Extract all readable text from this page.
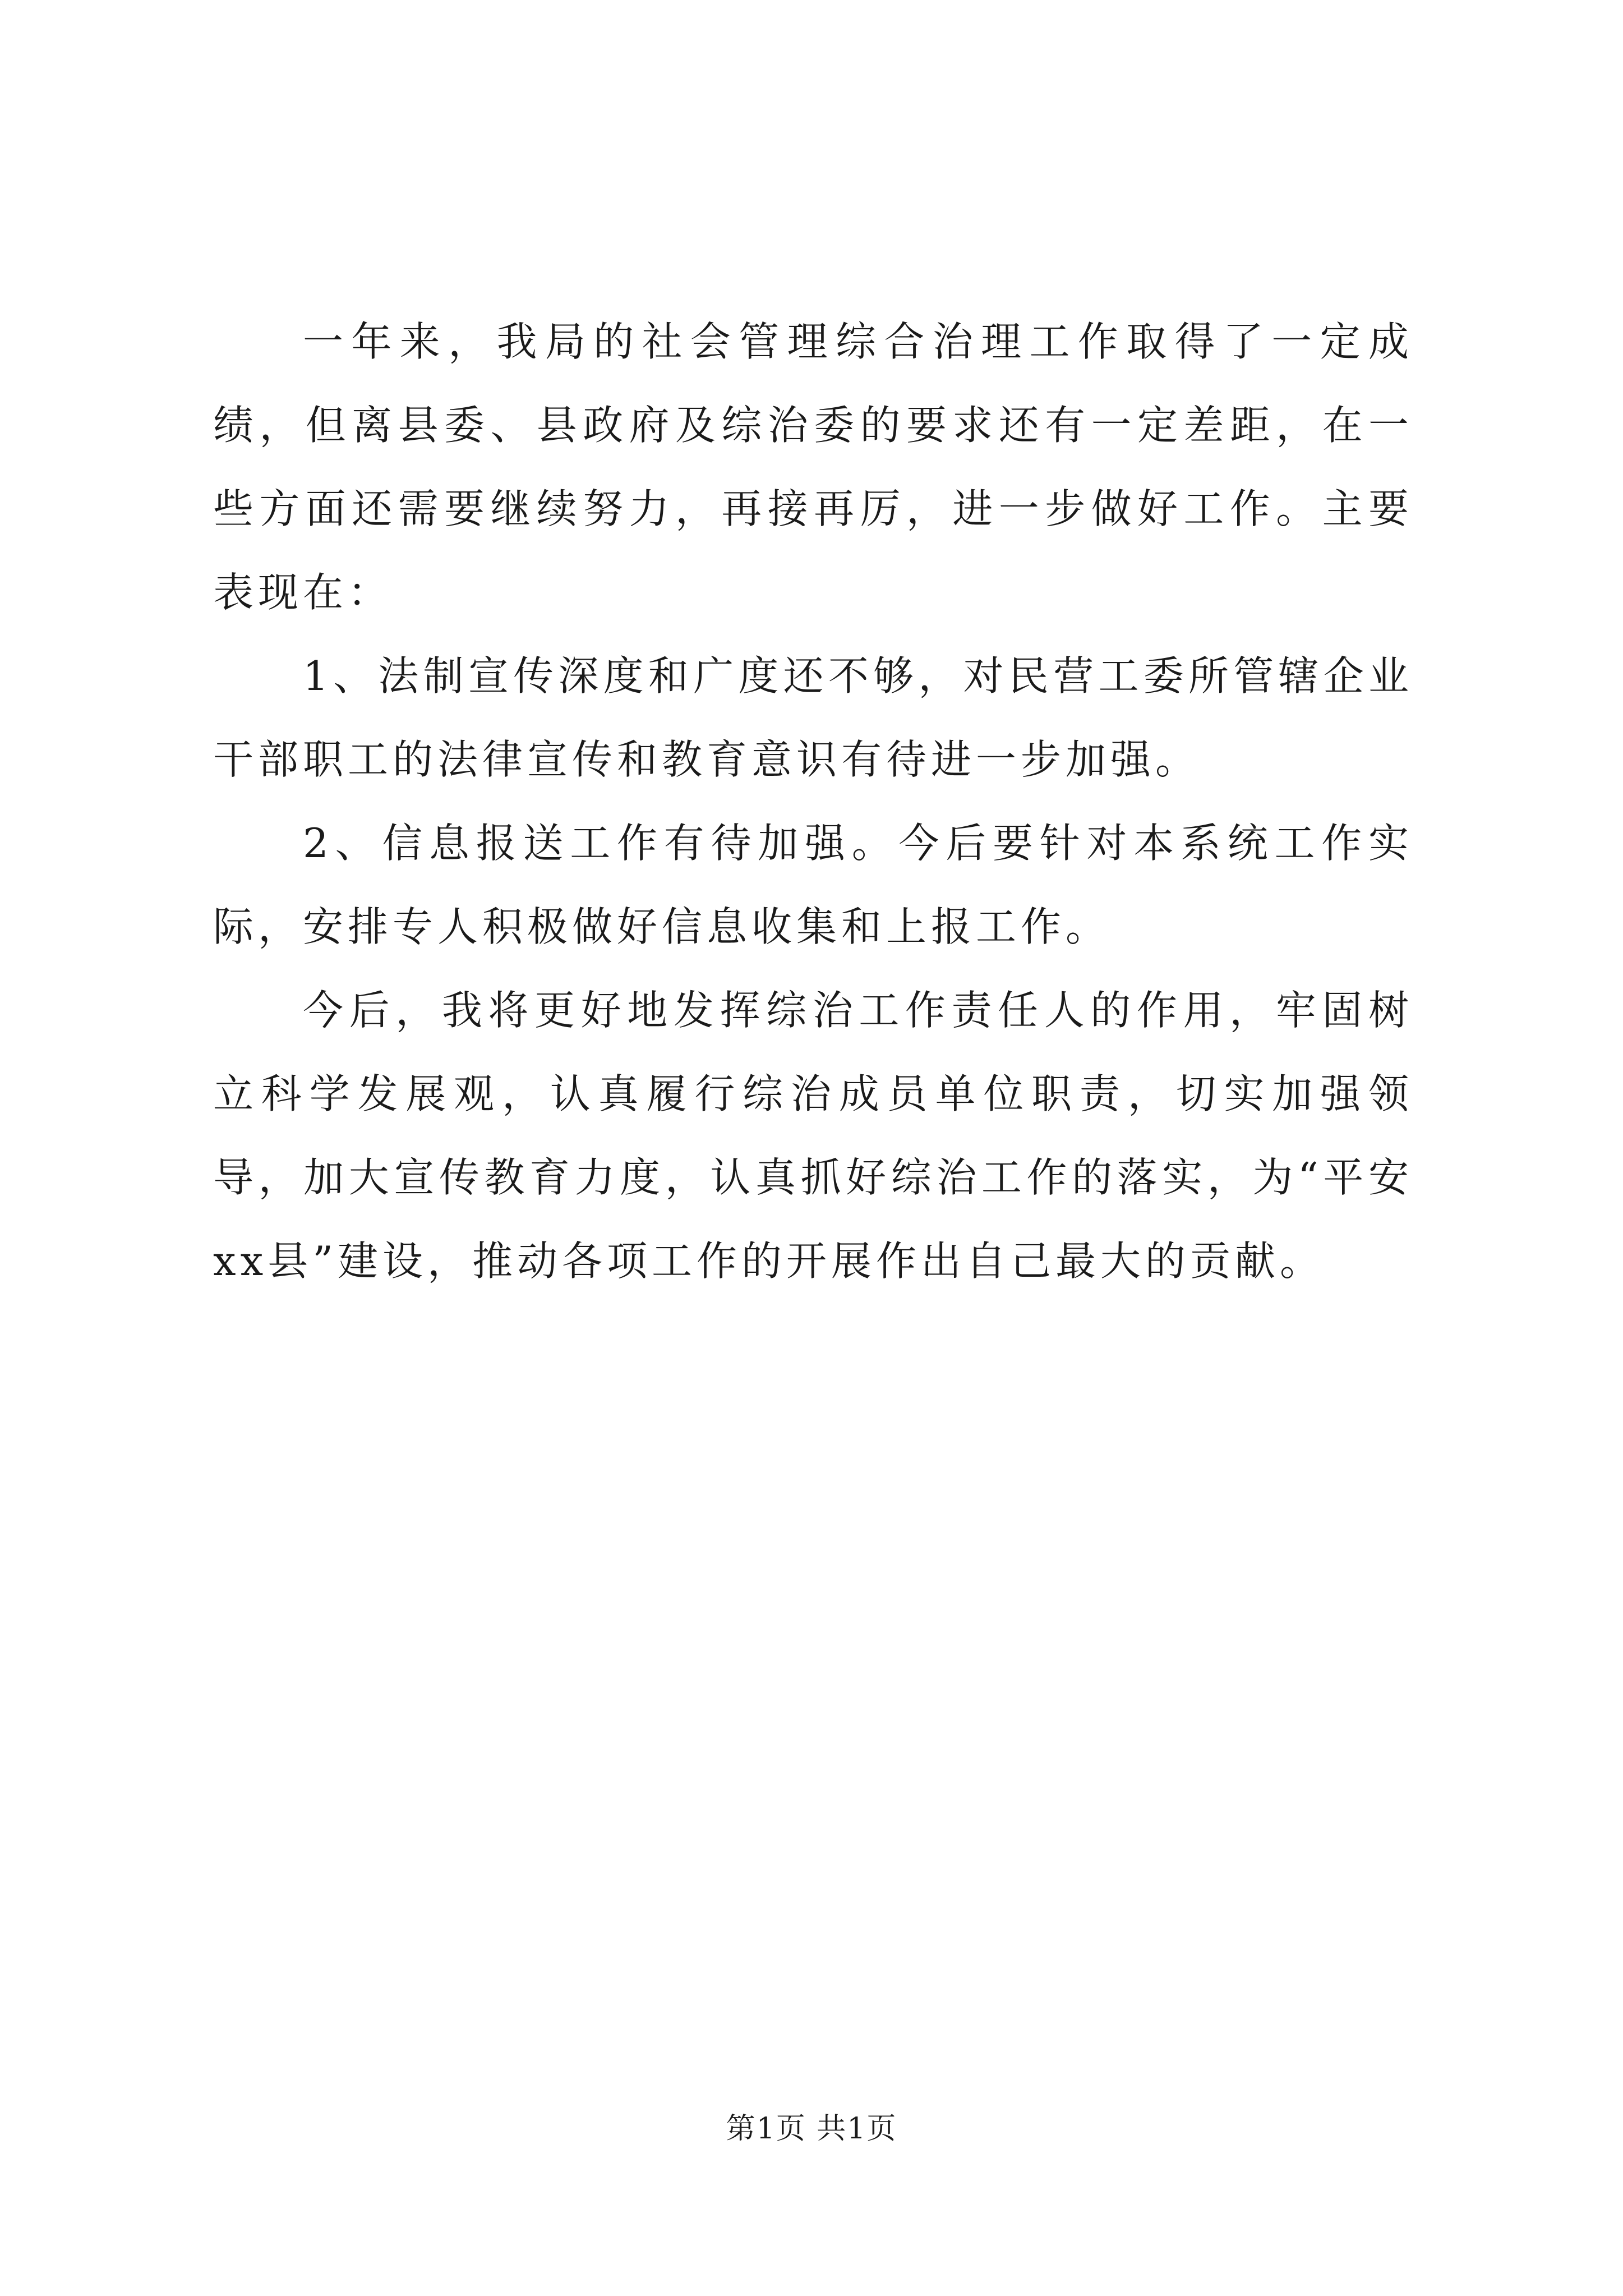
一年来，我局的社会管理综合治理工作取得了一定成绩，但离县委、县政府及综治委的要求还有一定差距，在一些方面还需要继续努力，再接再厉，进一步做好工作。主要表现在：

1、法制宣传深度和广度还不够，对民营工委所管辖企业干部职工的法律宣传和教育意识有待进一步加强。

2、信息报送工作有待加强。今后要针对本系统工作实际，安排专人积极做好信息收集和上报工作。

今后，我将更好地发挥综治工作责任人的作用，牢固树立科学发展观，认真履行综治成员单位职责，切实加强领导，加大宣传教育力度，认真抓好综治工作的落实，为“平安xx县”建设，推动各项工作的开展作出自己最大的贡献。

第1页 共1页
